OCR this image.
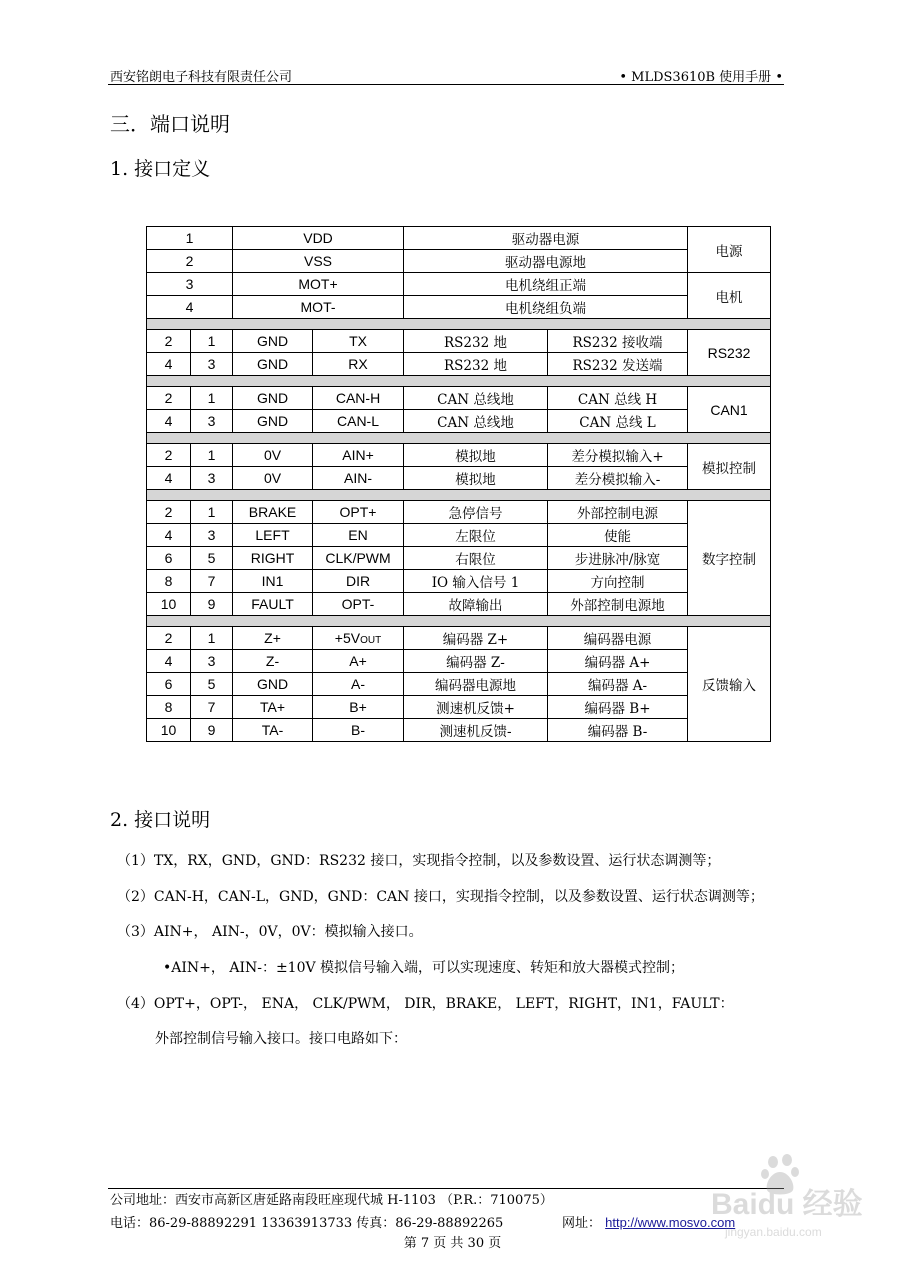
西安铭朗电子科技有限责任公司	• MLDS3610B 使用手册 •
三．端口说明
1. 接口定义
1		VDD		驱动器电源		电源
2		VSS		驱动器电源地		
3		MOT+		电机绕组正端		电机
4		MOT-		电机绕组负端		

2	1	GND	TX	RS232 地	RS232 接收端	RS232
4	3	GND	RX	RS232 地	RS232 发送端	

2	1	GND	CAN-H	CAN 总线地	CAN 总线 H	CAN1
4	3	GND	CAN-L	CAN 总线地	CAN 总线 L	

2	1	0V	AIN+	模拟地	差分模拟输入+	模拟控制
4	3	0V	AIN-	模拟地	差分模拟输入-	

2	1	BRAKE	OPT+	急停信号	外部控制电源	数字控制
4	3	LEFT	EN	左限位	使能	
6	5	RIGHT	CLK/PWM	右限位	步进脉冲/脉宽	
8	7	IN1	DIR	IO 输入信号 1	方向控制	
10	9	FAULT	OPT-	故障输出	外部控制电源地	

2	1	Z+	+5VOUT	编码器 Z+	编码器电源	反馈输入
4	3	Z-	A+	编码器 Z-	编码器 A+	
6	5	GND	A-	编码器电源地	编码器 A-	
8	7	TA+	B+	测速机反馈+	编码器 B+	
10	9	TA-	B-	测速机反馈-	编码器 B-	
2. 接口说明
（1）TX，RX，GND，GND：RS232 接口，实现指令控制，以及参数设置、运行状态调测等；
（2）CAN-H，CAN-L，GND，GND：CAN 接口，实现指令控制，以及参数设置、运行状态调测等；
（3）AIN+， AIN-，0V，0V：模拟输入接口。
•AIN+， AIN-：±10V 模拟信号输入端，可以实现速度、转矩和放大器模式控制；
（4）OPT+，OPT-， ENA， CLK/PWM， DIR，BRAKE， LEFT，RIGHT，IN1，FAULT：
外部控制信号输入接口。接口电路如下：
公司地址：西安市高新区唐延路南段旺座现代城 H-1103 （P.R.：710075）
电话：86-29-88892291 13363913733 传真：86-29-88892265	网址： http://www.mosvo.com
第 7 页 共 30 页
Baidu 经验
jingyan.baidu.com
